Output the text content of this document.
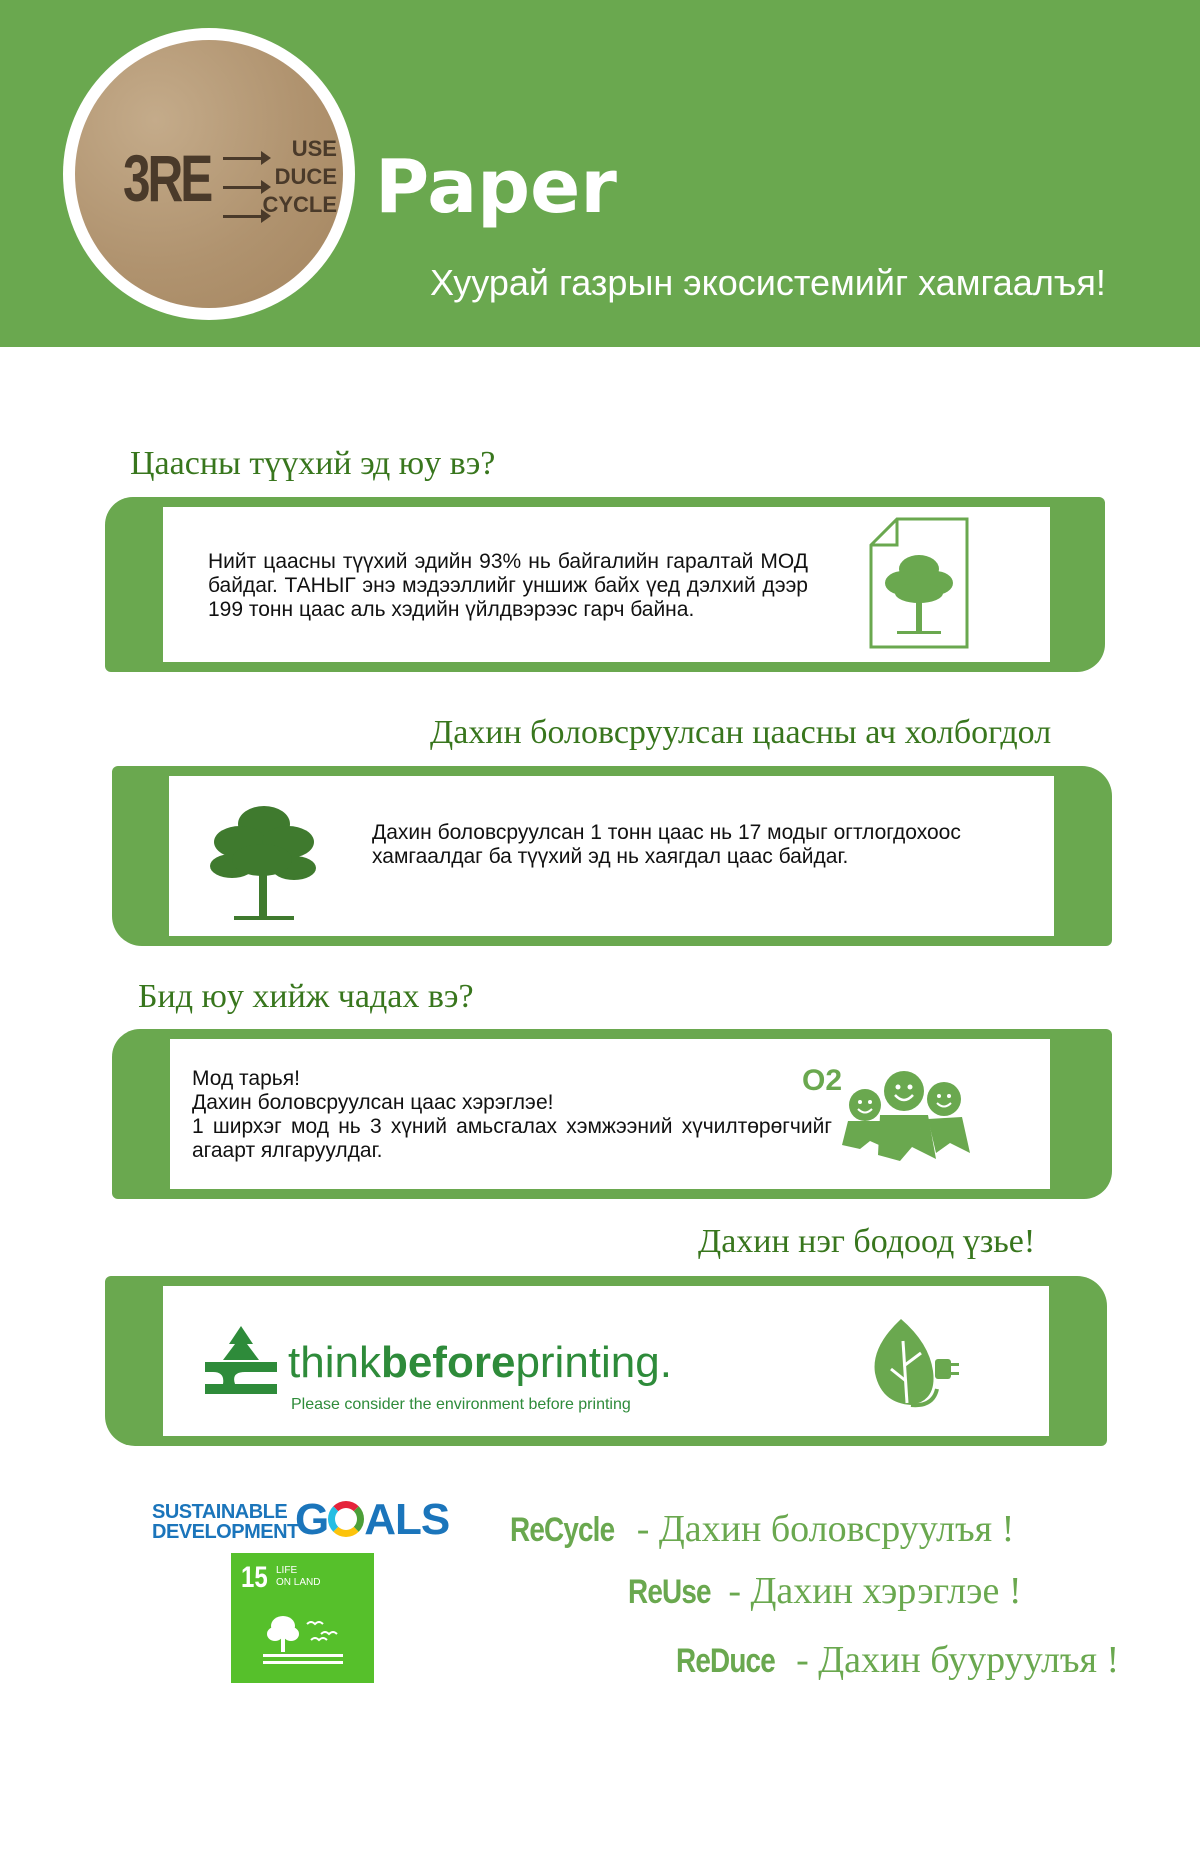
3RE	USE
DUCE
CYCLE Paper
Хуурай газрын экосистемийг хамгаалъя!
Цаасны түүхий эд юу вэ?
Нийт цаасны түүхий эдийн 93% нь байгалийн гаралтай МОД байдаг. ТАНЫГ энэ мэдээллийг уншиж байх үед дэлхий дээр 199 тонн цаас аль хэдийн үйлдвэрээс гарч байна.
Дахин боловсруулсан цаасны ач холбогдол
Дахин боловсруулсан 1 тонн цаас нь 17 модыг огтлогдохоос хамгаалдаг ба түүхий эд нь хаягдал цаас байдаг.
Бид юу хийж чадах вэ?
Мод тарья!
Дахин боловсруулсан цаас хэрэглэе!
1 ширхэг мод нь 3 хүний амьсгалах хэмжээний хүчилтөрөгчийг агаарт ялгаруулдаг.
O2
Дахин нэг бодоод үзье!
thinkbeforeprinting.
Please consider the environment before printing
SUSTAINABLE
DEVELOPMENT
G ALS
15 LIFE
ON LAND
ReCycle - Дахин боловсруулъя !
ReUse - Дахин хэрэглэе !
ReDuce - Дахин бууруулъя !
